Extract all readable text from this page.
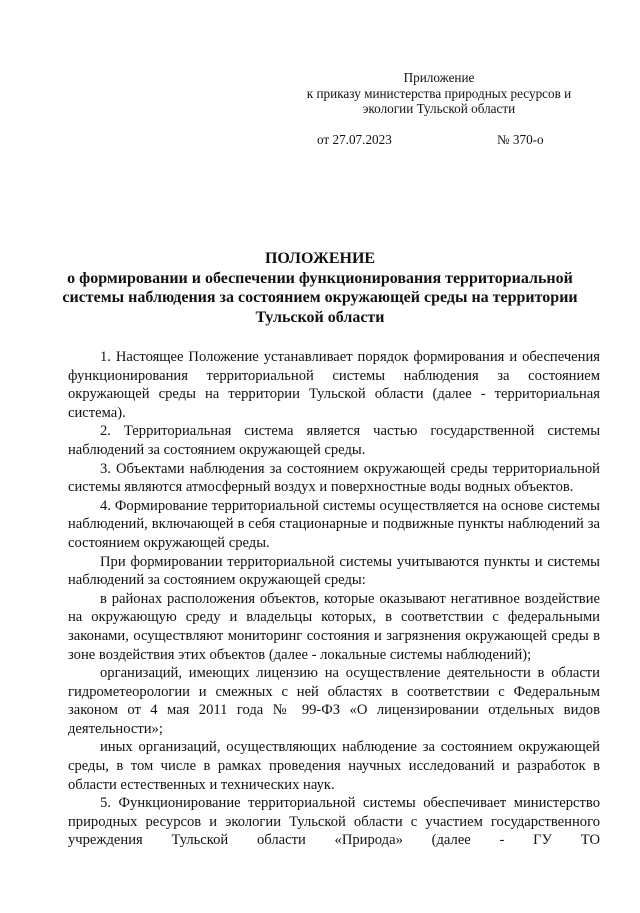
Приложение
к приказу министерства природных ресурсов и
экологии Тульской области
от 27.07.2023	№ 370-о
ПОЛОЖЕНИЕ
о формировании и обеспечении функционирования территориальной
системы наблюдения за состоянием окружающей среды на территории
Тульской области

1. Настоящее Положение устанавливает порядок формирования и обеспечения функционирования территориальной системы наблюдения за состоянием окружающей среды на территории Тульской области (далее - территориальная система).

2. Территориальная система является частью государственной системы наблюдений за состоянием окружающей среды.

3. Объектами наблюдения за состоянием окружающей среды территориальной системы являются атмосферный воздух и поверхностные воды водных объектов.

4. Формирование территориальной системы осуществляется на основе системы наблюдений, включающей в себя стационарные и подвижные пункты наблюдений за состоянием окружающей среды.

При формировании территориальной системы учитываются пункты и системы наблюдений за состоянием окружающей среды:

в районах расположения объектов, которые оказывают негативное воздействие на окружающую среду и владельцы которых, в соответствии с федеральными законами, осуществляют мониторинг состояния и загрязнения окружающей среды в зоне воздействия этих объектов (далее - локальные системы наблюдений);

организаций, имеющих лицензию на осуществление деятельности в области гидрометеорологии и смежных с ней областях в соответствии с Федеральным законом от 4 мая 2011 года № 99-ФЗ «О лицензировании отдельных видов деятельности»;

иных организаций, осуществляющих наблюдение за состоянием окружающей среды, в том числе в рамках проведения научных исследований и разработок в области естественных и технических наук.

5. Функционирование территориальной системы обеспечивает министерство природных ресурсов и экологии Тульской области с участием государственного учреждения Тульской области «Природа» (далее - ГУ ТО
